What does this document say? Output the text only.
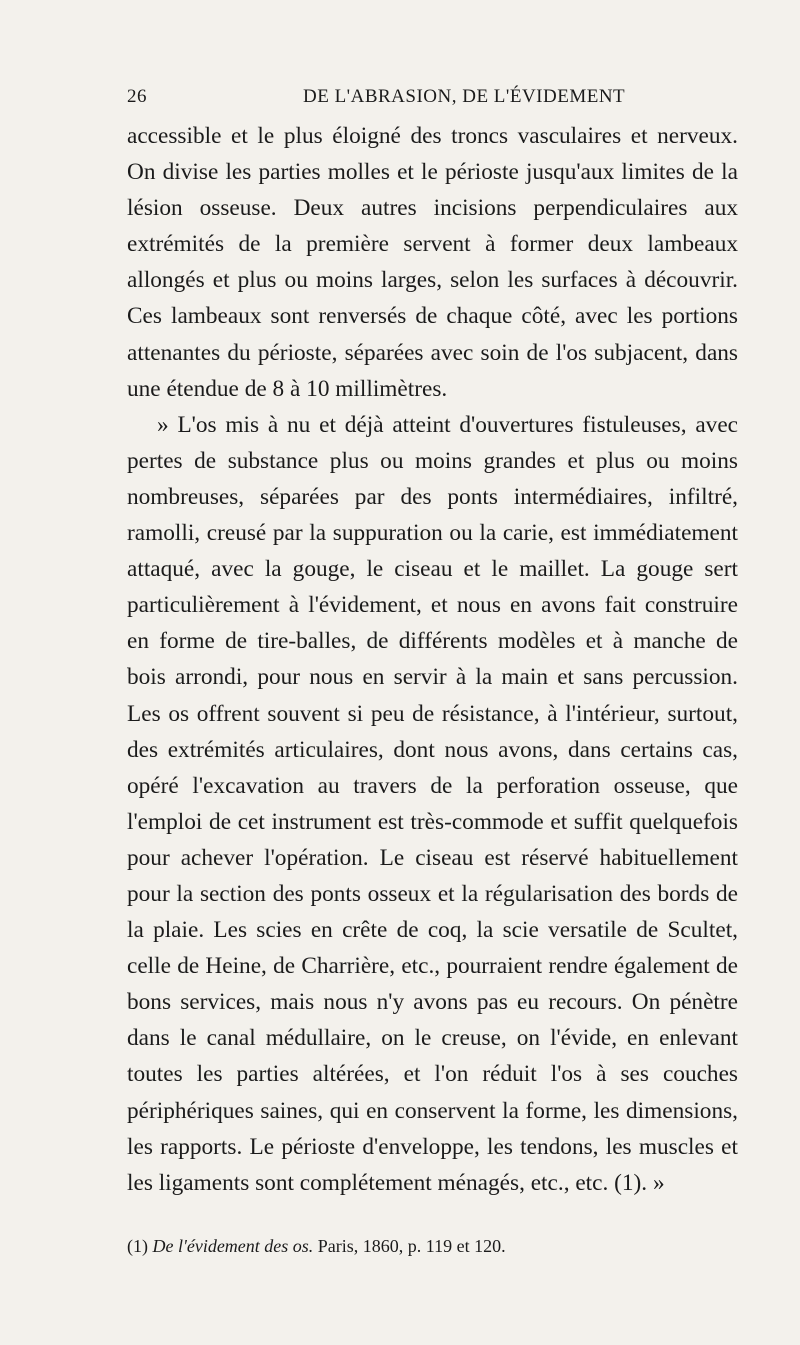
26	DE L'ABRASION, DE L'ÉVIDEMENT

accessible et le plus éloigné des troncs vasculaires et nerveux. On divise les parties molles et le périoste jusqu'aux limites de la lésion osseuse. Deux autres incisions perpendiculaires aux extrémités de la première servent à former deux lambeaux allongés et plus ou moins larges, selon les surfaces à découvrir. Ces lambeaux sont renversés de chaque côté, avec les portions attenantes du périoste, séparées avec soin de l'os subjacent, dans une étendue de 8 à 10 millimètres.

» L'os mis à nu et déjà atteint d'ouvertures fistuleuses, avec pertes de substance plus ou moins grandes et plus ou moins nombreuses, séparées par des ponts intermédiaires, infiltré, ramolli, creusé par la suppuration ou la carie, est immédiatement attaqué, avec la gouge, le ciseau et le maillet. La gouge sert particulièrement à l'évidement, et nous en avons fait construire en forme de tire-balles, de différents modèles et à manche de bois arrondi, pour nous en servir à la main et sans percussion. Les os offrent souvent si peu de résistance, à l'intérieur, surtout, des extrémités articulaires, dont nous avons, dans certains cas, opéré l'excavation au travers de la perforation osseuse, que l'emploi de cet instrument est très-commode et suffit quelquefois pour achever l'opération. Le ciseau est réservé habituellement pour la section des ponts osseux et la régularisation des bords de la plaie. Les scies en crête de coq, la scie versatile de Scultet, celle de Heine, de Charrière, etc., pourraient rendre également de bons services, mais nous n'y avons pas eu recours. On pénètre dans le canal médullaire, on le creuse, on l'évide, en enlevant toutes les parties altérées, et l'on réduit l'os à ses couches périphériques saines, qui en conservent la forme, les dimensions, les rapports. Le périoste d'enveloppe, les tendons, les muscles et les ligaments sont complétement ménagés, etc., etc. (1). »

(1) De l'évidement des os. Paris, 1860, p. 119 et 120.
